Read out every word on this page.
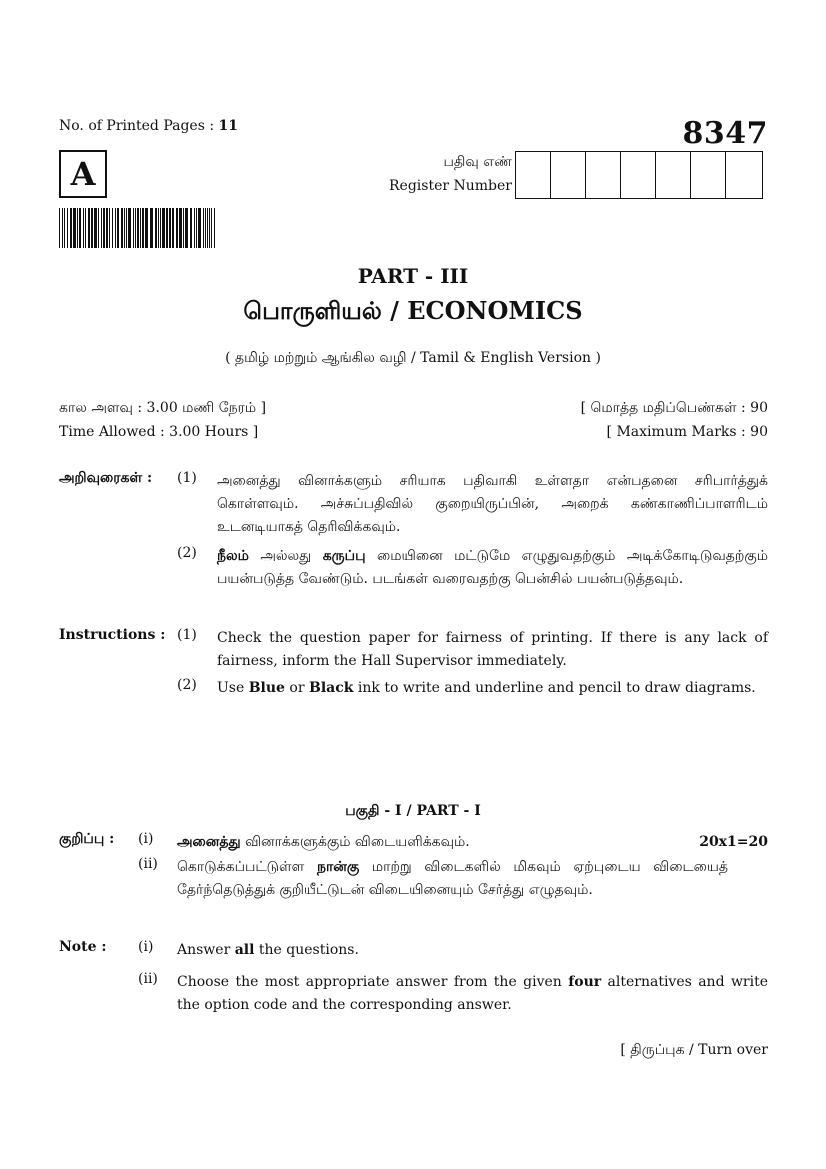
No. of Printed Pages : 11	8347
A	பதிவு எண்
Register Number
PART - III
பொருளியல் / ECONOMICS
( தமிழ் மற்றும் ஆங்கில வழி / Tamil & English Version )
கால அளவு : 3.00 மணி நேரம் ]	[ மொத்த மதிப்பெண்கள் : 90
Time Allowed : 3.00 Hours ]	[ Maximum Marks : 90
அறிவுரைகள் :	(1)	அனைத்து வினாக்களும் சரியாக பதிவாகி உள்ளதா என்பதனை சரிபார்த்துக் கொள்ளவும். அச்சுப்பதிவில் குறையிருப்பின், அறைக் கண்காணிப்பாளரிடம் உடனடியாகத் தெரிவிக்கவும்.
(2)	நீலம் அல்லது கருப்பு மையினை மட்டுமே எழுதுவதற்கும் அடிக்கோடிடுவதற்கும் பயன்படுத்த வேண்டும். படங்கள் வரைவதற்கு பென்சில் பயன்படுத்தவும்.
Instructions : (1)	Check the question paper for fairness of printing. If there is any lack of fairness, inform the Hall Supervisor immediately.
(2)	Use Blue or Black ink to write and underline and pencil to draw diagrams.
பகுதி - I / PART - I
குறிப்பு :	(i)	அனைத்து வினாக்களுக்கும் விடையளிக்கவும்.	20x1=20
(ii)	கொடுக்கப்பட்டுள்ள நான்கு மாற்று விடைகளில் மிகவும் ஏற்புடைய விடையைத் தேர்ந்தெடுத்துக் குறியீட்டுடன் விடையினையும் சேர்த்து எழுதவும்.
Note :	(i)	Answer all the questions.
(ii)	Choose the most appropriate answer from the given four alternatives and write the option code and the corresponding answer.
[ திருப்புக / Turn over
